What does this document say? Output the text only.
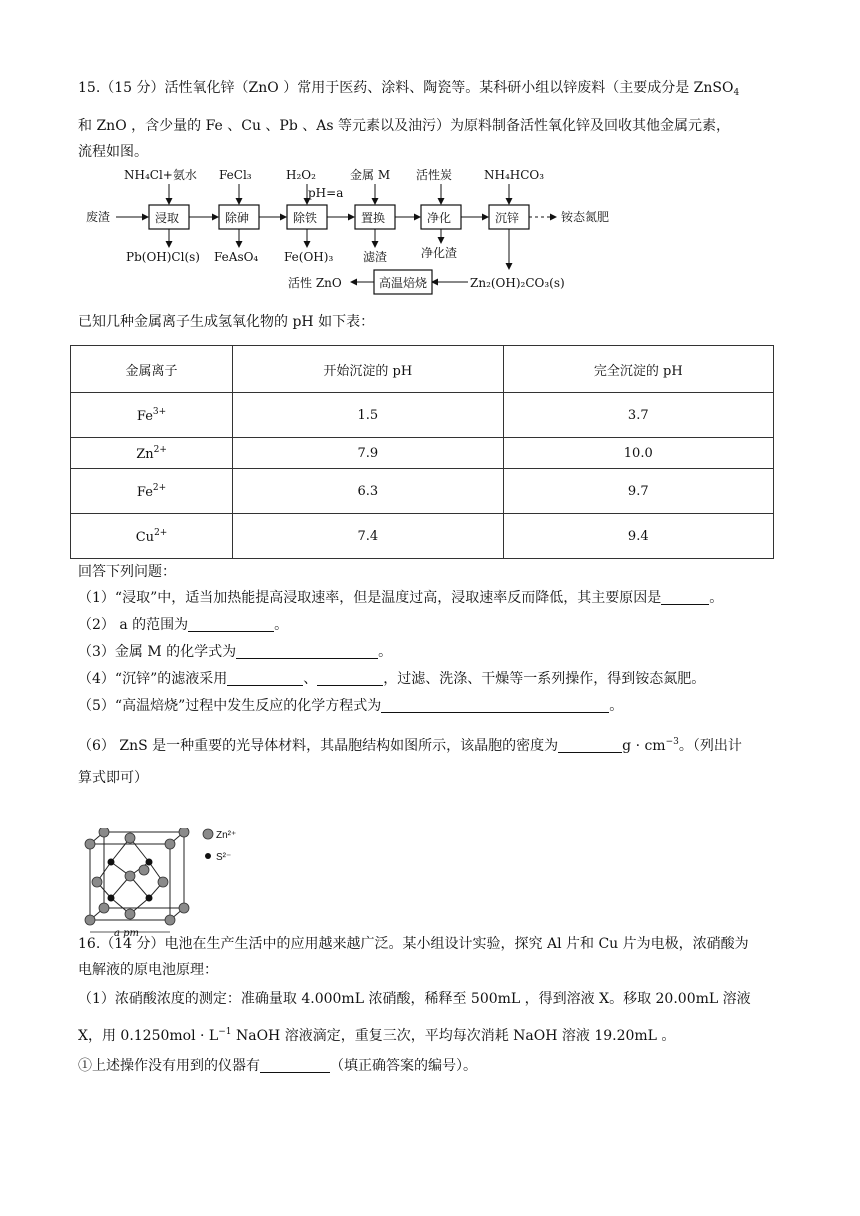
15.（15 分）活性氧化锌（ZnO ）常用于医药、涂料、陶瓷等。某科研小组以锌废料（主要成分是 ZnSO$_4$
和 ZnO ，含少量的 Fe 、Cu 、Pb 、As 等元素以及油污）为原料制备活性氧化锌及回收其他金属元素，
流程如图。
废渣	浸取	除砷	除铁	置换	净化	沉锌	铵态氮肥
NH₄Cl+氨水 FeCl₃	H₂O₂
pH=a
金属 M 活性炭	NH₄HCO₃
Pb(OH)Cl(s) FeAsO₄ Fe(OH)₃ 滤渣	净化渣
Zn₂(OH)₂CO₃(s)
高温焙烧
活性 ZnO
已知几种金属离子生成氢氧化物的 pH 如下表：
金属离子	开始沉淀的 pH	完全沉淀的 pH
$Fe^{3+}$	1.5	3.7
$Zn^{2+}$	7.9	10.0
$Fe^{2+}$	6.3	9.7
$Cu^{2+}$	7.4	9.4
回答下列问题：
（1）“浸取”中，适当加热能提高浸取速率，但是温度过高，浸取速率反而降低，其主要原因是	。
（2） a 的范围为	。
（3）金属 M 的化学式为	。
（4）“沉锌”的滤液采用	、	，过滤、洗涤、干燥等一系列操作，得到铵态氮肥。
（5）“高温焙烧”过程中发生反应的化学方程式为	。
（6） ZnS 是一种重要的光导体材料，其晶胞结构如图所示，该晶胞的密度为	$g \cdot cm^{-3}$。（列出计
算式即可）
Zn²⁺
S²⁻
a pm
16.（14 分）电池在生产生活中的应用越来越广泛。某小组设计实验，探究 Al 片和 Cu 片为电极，浓硝酸为
电解液的原电池原理：
（1）浓硝酸浓度的测定：准确量取 4.000mL 浓硝酸，稀释至 500mL ，得到溶液 X。移取 20.00mL 溶液
X，用 $0.1250mol \cdot L^{-1}$ NaOH 溶液滴定，重复三次，平均每次消耗 NaOH 溶液 19.20mL 。
①上述操作没有用到的仪器有	（填正确答案的编号）。
